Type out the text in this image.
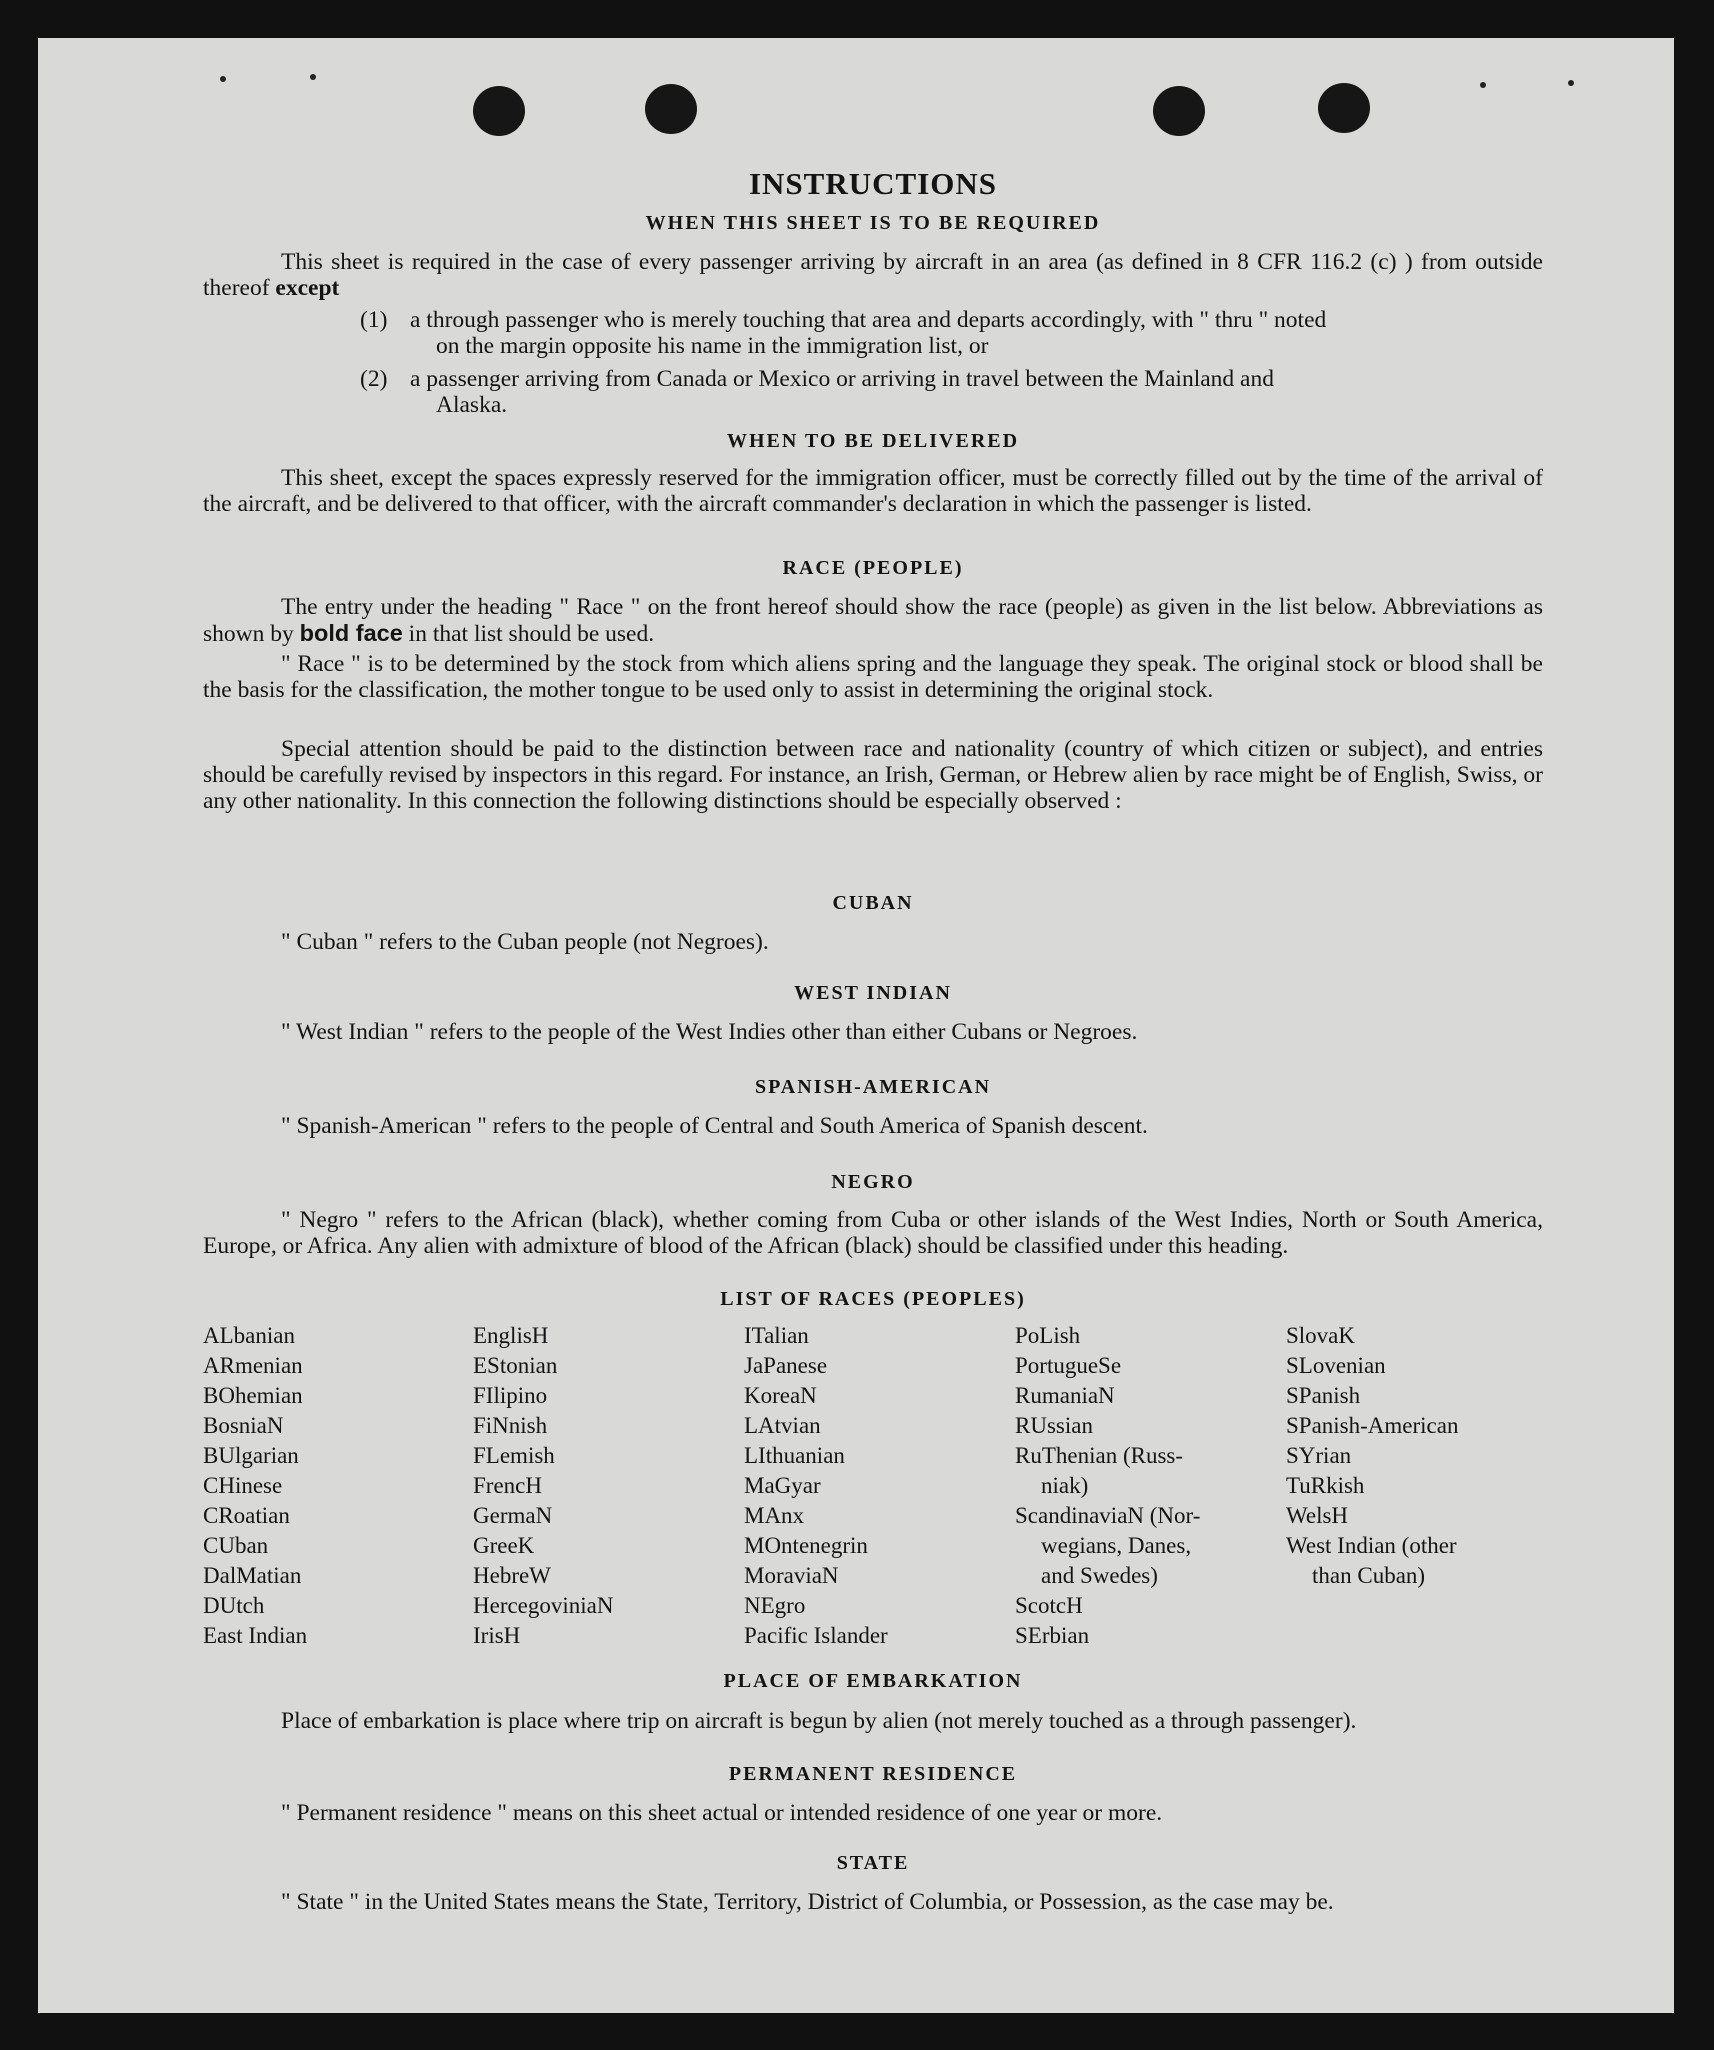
INSTRUCTIONS
WHEN THIS SHEET IS TO BE REQUIRED
This sheet is required in the case of every passenger arriving by aircraft in an area (as defined in 8 CFR 116.2 (c) ) from outside thereof except
(1) a through passenger who is merely touching that area and departs accordingly, with " thru " noted
on the margin opposite his name in the immigration list, or
(2) a passenger arriving from Canada or Mexico or arriving in travel between the Mainland and
Alaska.
WHEN TO BE DELIVERED
This sheet, except the spaces expressly reserved for the immigration officer, must be correctly filled out by the time of the arrival of the aircraft, and be delivered to that officer, with the aircraft commander's declaration in which the passenger is listed.
RACE (PEOPLE)
The entry under the heading " Race " on the front hereof should show the race (people) as given in the list below. Abbreviations as shown by bold face in that list should be used.
" Race " is to be determined by the stock from which aliens spring and the language they speak. The original stock or blood shall be the basis for the classification, the mother tongue to be used only to assist in determining the original stock.
Special attention should be paid to the distinction between race and nationality (country of which citizen or subject), and entries should be carefully revised by inspectors in this regard. For instance, an Irish, German, or Hebrew alien by race might be of English, Swiss, or any other nationality. In this connection the following distinctions should be especially observed :
CUBAN
" Cuban " refers to the Cuban people (not Negroes).
WEST INDIAN
" West Indian " refers to the people of the West Indies other than either Cubans or Negroes.
SPANISH-AMERICAN
" Spanish-American " refers to the people of Central and South America of Spanish descent.
NEGRO
" Negro " refers to the African (black), whether coming from Cuba or other islands of the West Indies, North or South America, Europe, or Africa. Any alien with admixture of blood of the African (black) should be classified under this heading.
LIST OF RACES (PEOPLES)
ALbanian
ARmenian
BOhemian
BosniaN
BUlgarian
CHinese
CRoatian
CUban
DalMatian
DUtch
East Indian
EnglisH
EStonian
FIlipino
FiNnish
FLemish
FrencH
GermaN
GreeK
HebreW
HercegoviniaN
IrisH
ITalian
JaPanese
KoreaN
LAtvian
LIthuanian
MaGyar
MAnx
MOntenegrin
MoraviaN
NEgro
Pacific Islander
PoLish
PortugueSe
RumaniaN
RUssian
RuThenian (Russ-
niak)
ScandinaviaN (Nor-
wegians, Danes,
and Swedes)
ScotcH
SErbian
SlovaK
SLovenian
SPanish
SPanish-American
SYrian
TuRkish
WelsH
West Indian (other
than Cuban)
PLACE OF EMBARKATION
Place of embarkation is place where trip on aircraft is begun by alien (not merely touched as a through passenger).
PERMANENT RESIDENCE
" Permanent residence " means on this sheet actual or intended residence of one year or more.
STATE
" State " in the United States means the State, Territory, District of Columbia, or Possession, as the case may be.
